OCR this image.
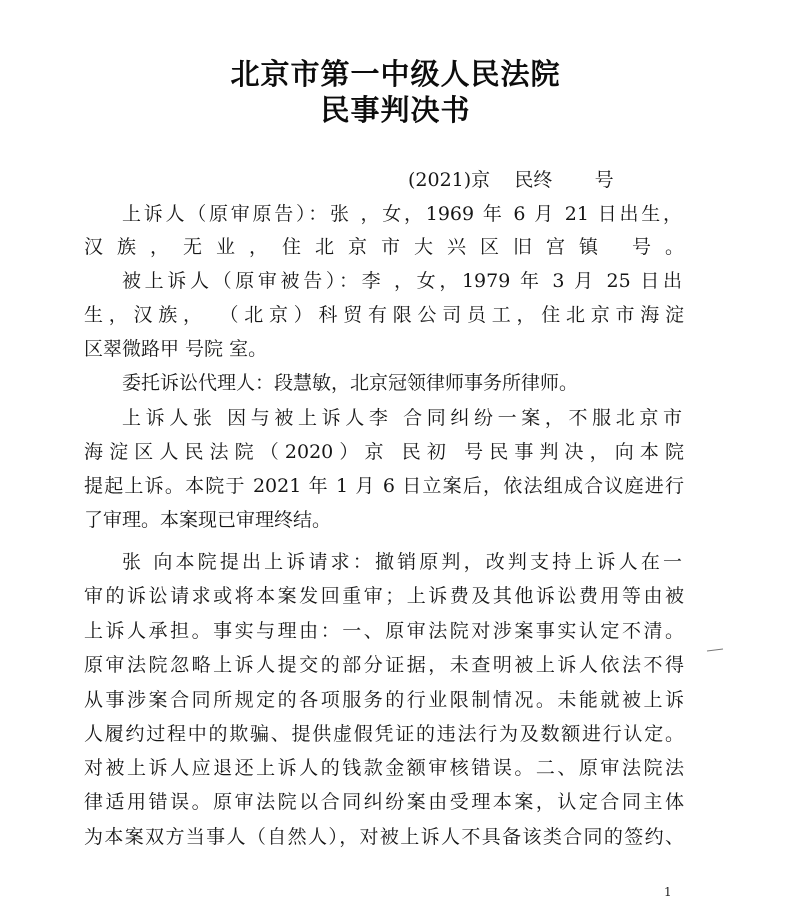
北京市第一中级人民法院
民事判决书
(2021)京    民终       号
上诉人（原审原告）：张 ，女，1969 年 6 月 21 日出生，
汉族，无业，住北京市大兴区旧宫镇 号。
被上诉人（原审被告）：李 ，女，1979 年 3 月 25 日出
生，汉族， （北京）科贸有限公司员工，住北京市海淀
区翠微路甲 号院 室。
委托诉讼代理人：段慧敏，北京冠领律师事务所律师。
上诉人张 因与被上诉人李 合同纠纷一案，不服北京市
海淀区人民法院（2020）京 民初 号民事判决，向本院
提起上诉。本院于 2021 年 1 月 6 日立案后，依法组成合议庭进行
了审理。本案现已审理终结。
张 向本院提出上诉请求：撤销原判，改判支持上诉人在一
审的诉讼请求或将本案发回重审；上诉费及其他诉讼费用等由被
上诉人承担。事实与理由：一、原审法院对涉案事实认定不清。
原审法院忽略上诉人提交的部分证据，未查明被上诉人依法不得
从事涉案合同所规定的各项服务的行业限制情况。未能就被上诉
人履约过程中的欺骗、提供虚假凭证的违法行为及数额进行认定。
对被上诉人应退还上诉人的钱款金额审核错误。二、原审法院法
律适用错误。原审法院以合同纠纷案由受理本案，认定合同主体
为本案双方当事人（自然人），对被上诉人不具备该类合同的签约、
1
